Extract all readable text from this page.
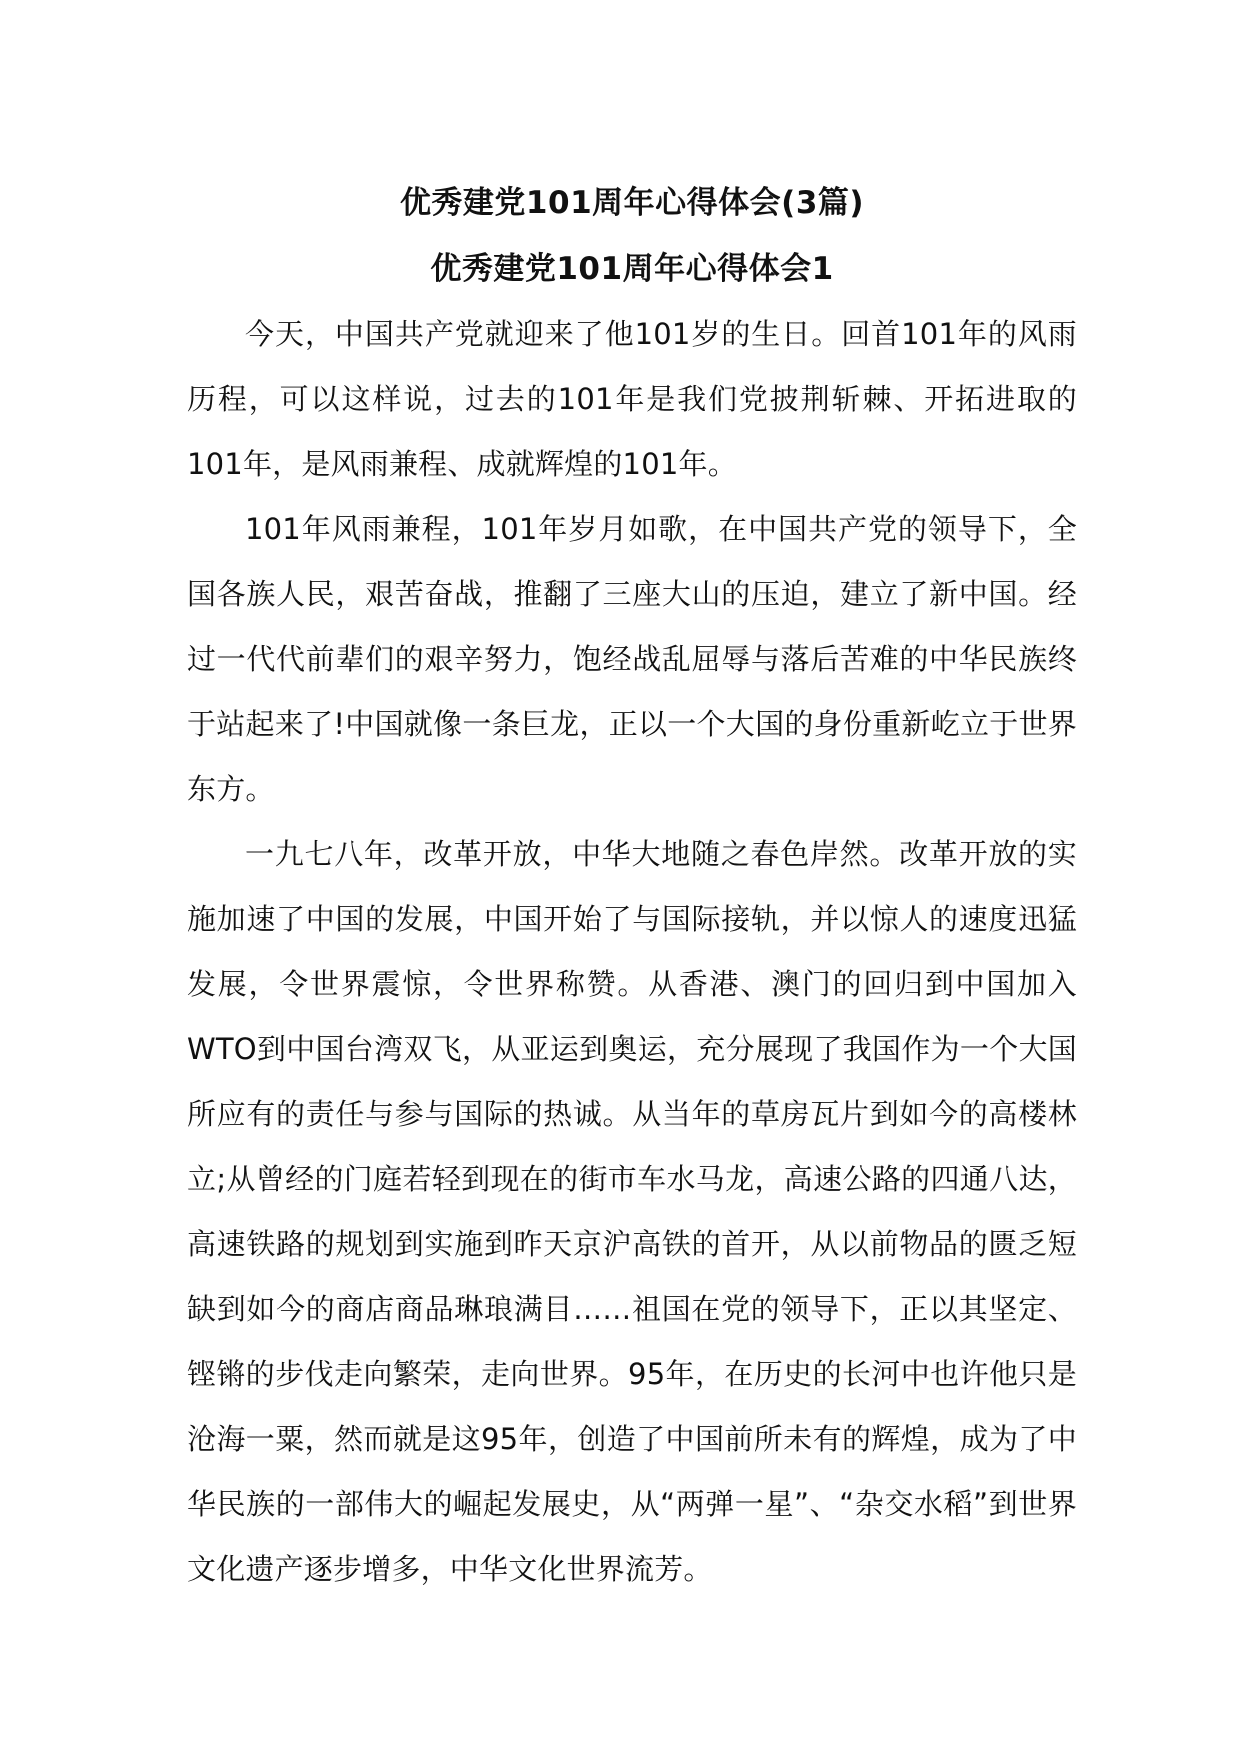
优秀建党101周年心得体会(3篇)
优秀建党101周年心得体会1

今天，中国共产党就迎来了他101岁的生日。回首101年的风雨历程，可以这样说，过去的101年是我们党披荆斩棘、开拓进取的101年，是风雨兼程、成就辉煌的101年。

101年风雨兼程，101年岁月如歌，在中国共产党的领导下，全国各族人民，艰苦奋战，推翻了三座大山的压迫，建立了新中国。经过一代代前辈们的艰辛努力，饱经战乱屈辱与落后苦难的中华民族终于站起来了!中国就像一条巨龙，正以一个大国的身份重新屹立于世界东方。

一九七八年，改革开放，中华大地随之春色岸然。改革开放的实施加速了中国的发展，中国开始了与国际接轨，并以惊人的速度迅猛发展，令世界震惊，令世界称赞。从香港、澳门的回归到中国加入WTO到中国台湾双飞，从亚运到奥运，充分展现了我国作为一个大国所应有的责任与参与国际的热诚。从当年的草房瓦片到如今的高楼林立;从曾经的门庭若轻到现在的街市车水马龙，高速公路的四通八达，高速铁路的规划到实施到昨天京沪高铁的首开，从以前物品的匮乏短缺到如今的商店商品琳琅满目……祖国在党的领导下，正以其坚定、铿锵的步伐走向繁荣，走向世界。95年，在历史的长河中也许他只是沧海一粟，然而就是这95年，创造了中国前所未有的辉煌，成为了中华民族的一部伟大的崛起发展史，从“两弹一星”、“杂交水稻”到世界文化遗产逐步增多，中华文化世界流芳。
